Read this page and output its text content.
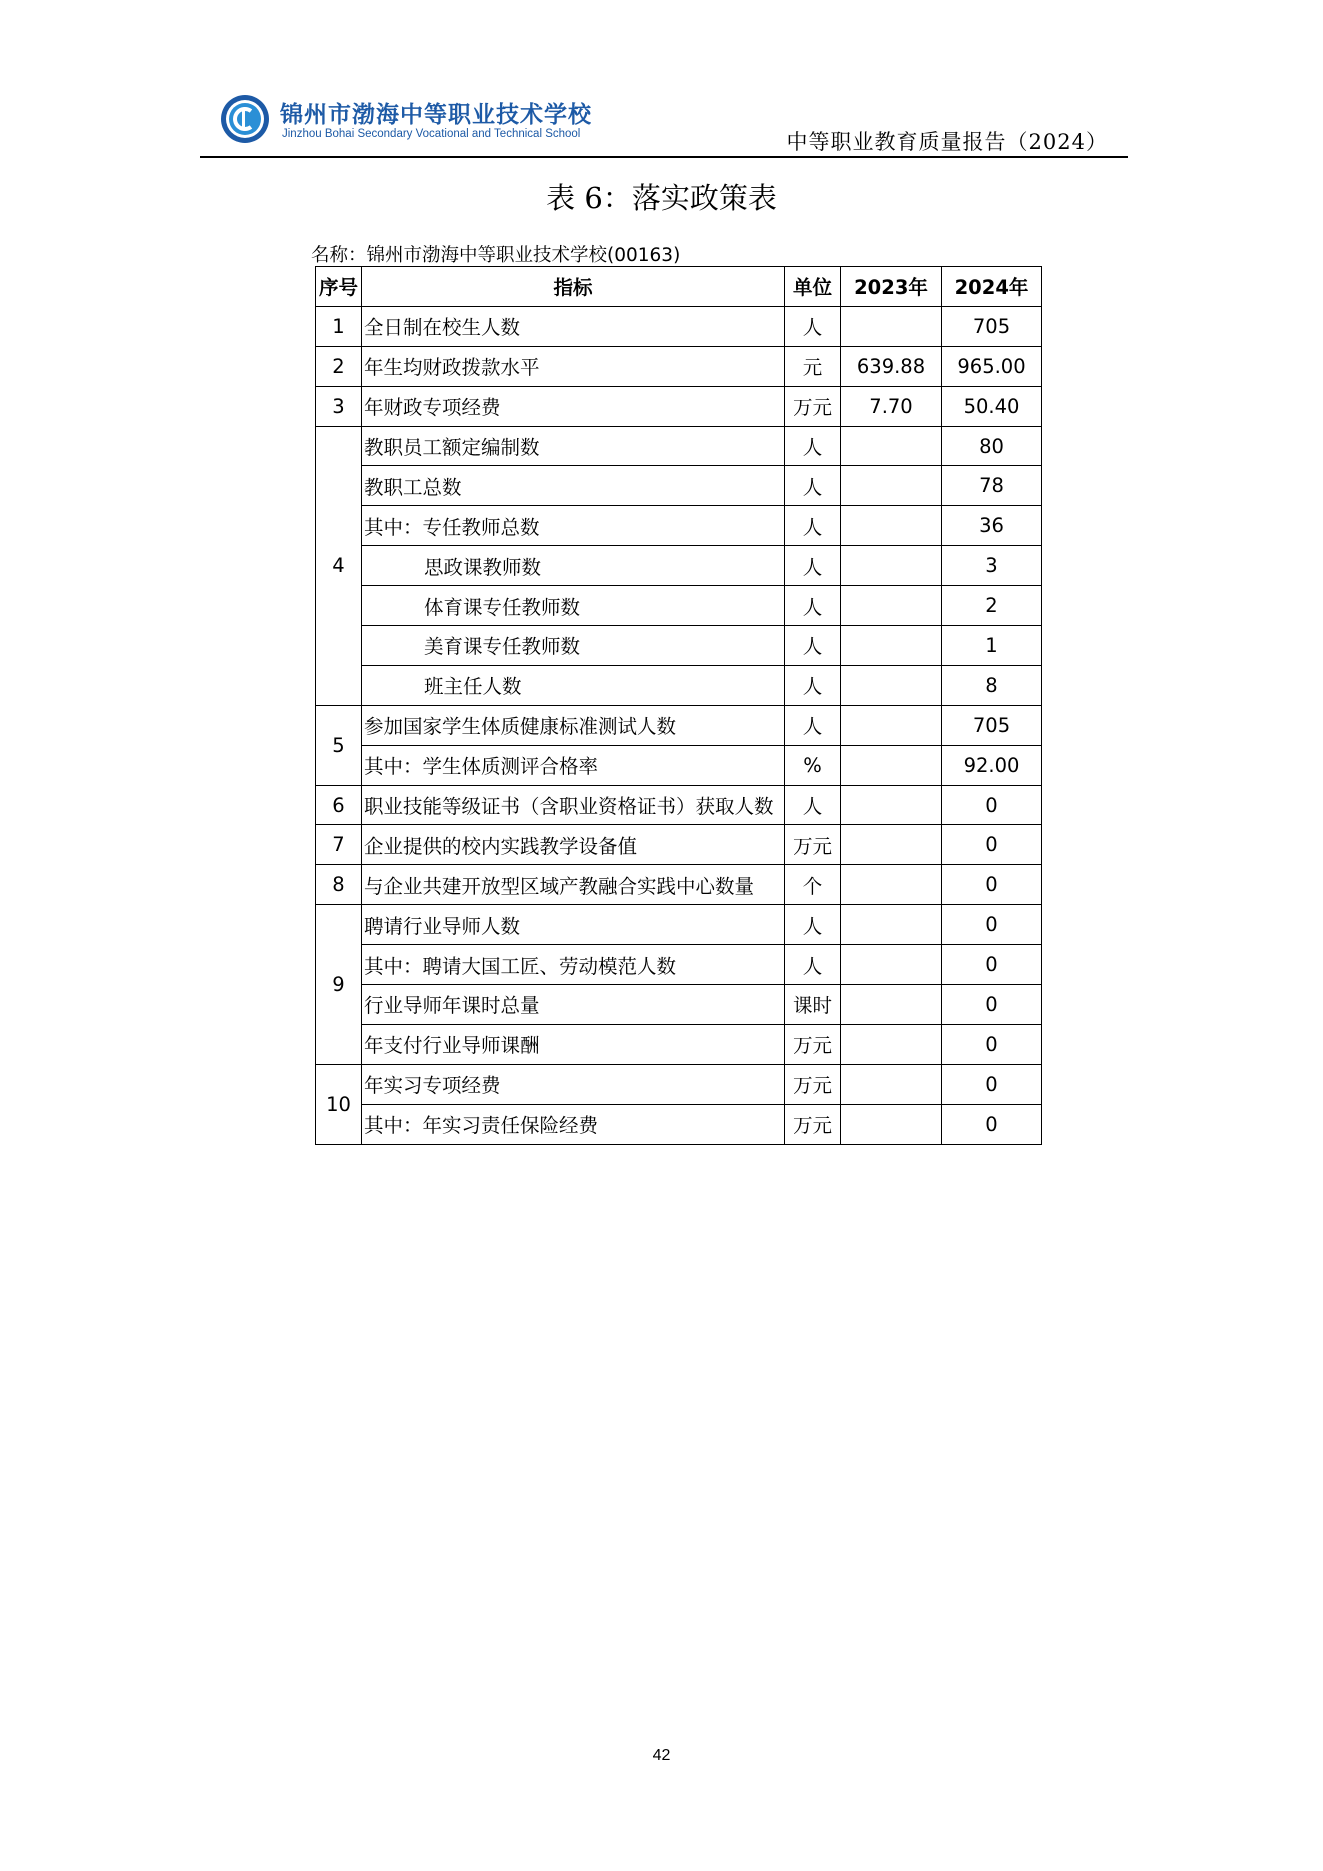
锦州市渤海中等职业技术学校
Jinzhou Bohai Secondary Vocational and Technical School	中等职业教育质量报告（2024）
表 6：落实政策表
名称：锦州市渤海中等职业技术学校(00163)
序号	指标	单位	2023年	2024年
1	全日制在校生人数	人		705
2	年生均财政拨款水平	元	639.88	965.00
3	年财政专项经费	万元	7.70	50.40
4	教职员工额定编制数	人		80
	教职工总数	人		78
	其中：专任教师总数	人		36
	思政课教师数	人		3
	体育课专任教师数	人		2
	美育课专任教师数	人		1
	班主任人数	人		8
5	参加国家学生体质健康标准测试人数	人		705
	其中：学生体质测评合格率	%		92.00
6	职业技能等级证书（含职业资格证书）获取人数	人		0
7	企业提供的校内实践教学设备值	万元		0
8	与企业共建开放型区域产教融合实践中心数量	个		0
9	聘请行业导师人数	人		0
	其中：聘请大国工匠、劳动模范人数	人		0
	行业导师年课时总量	课时		0
	年支付行业导师课酬	万元		0
10	年实习专项经费	万元		0
	其中：年实习责任保险经费	万元		0
42
